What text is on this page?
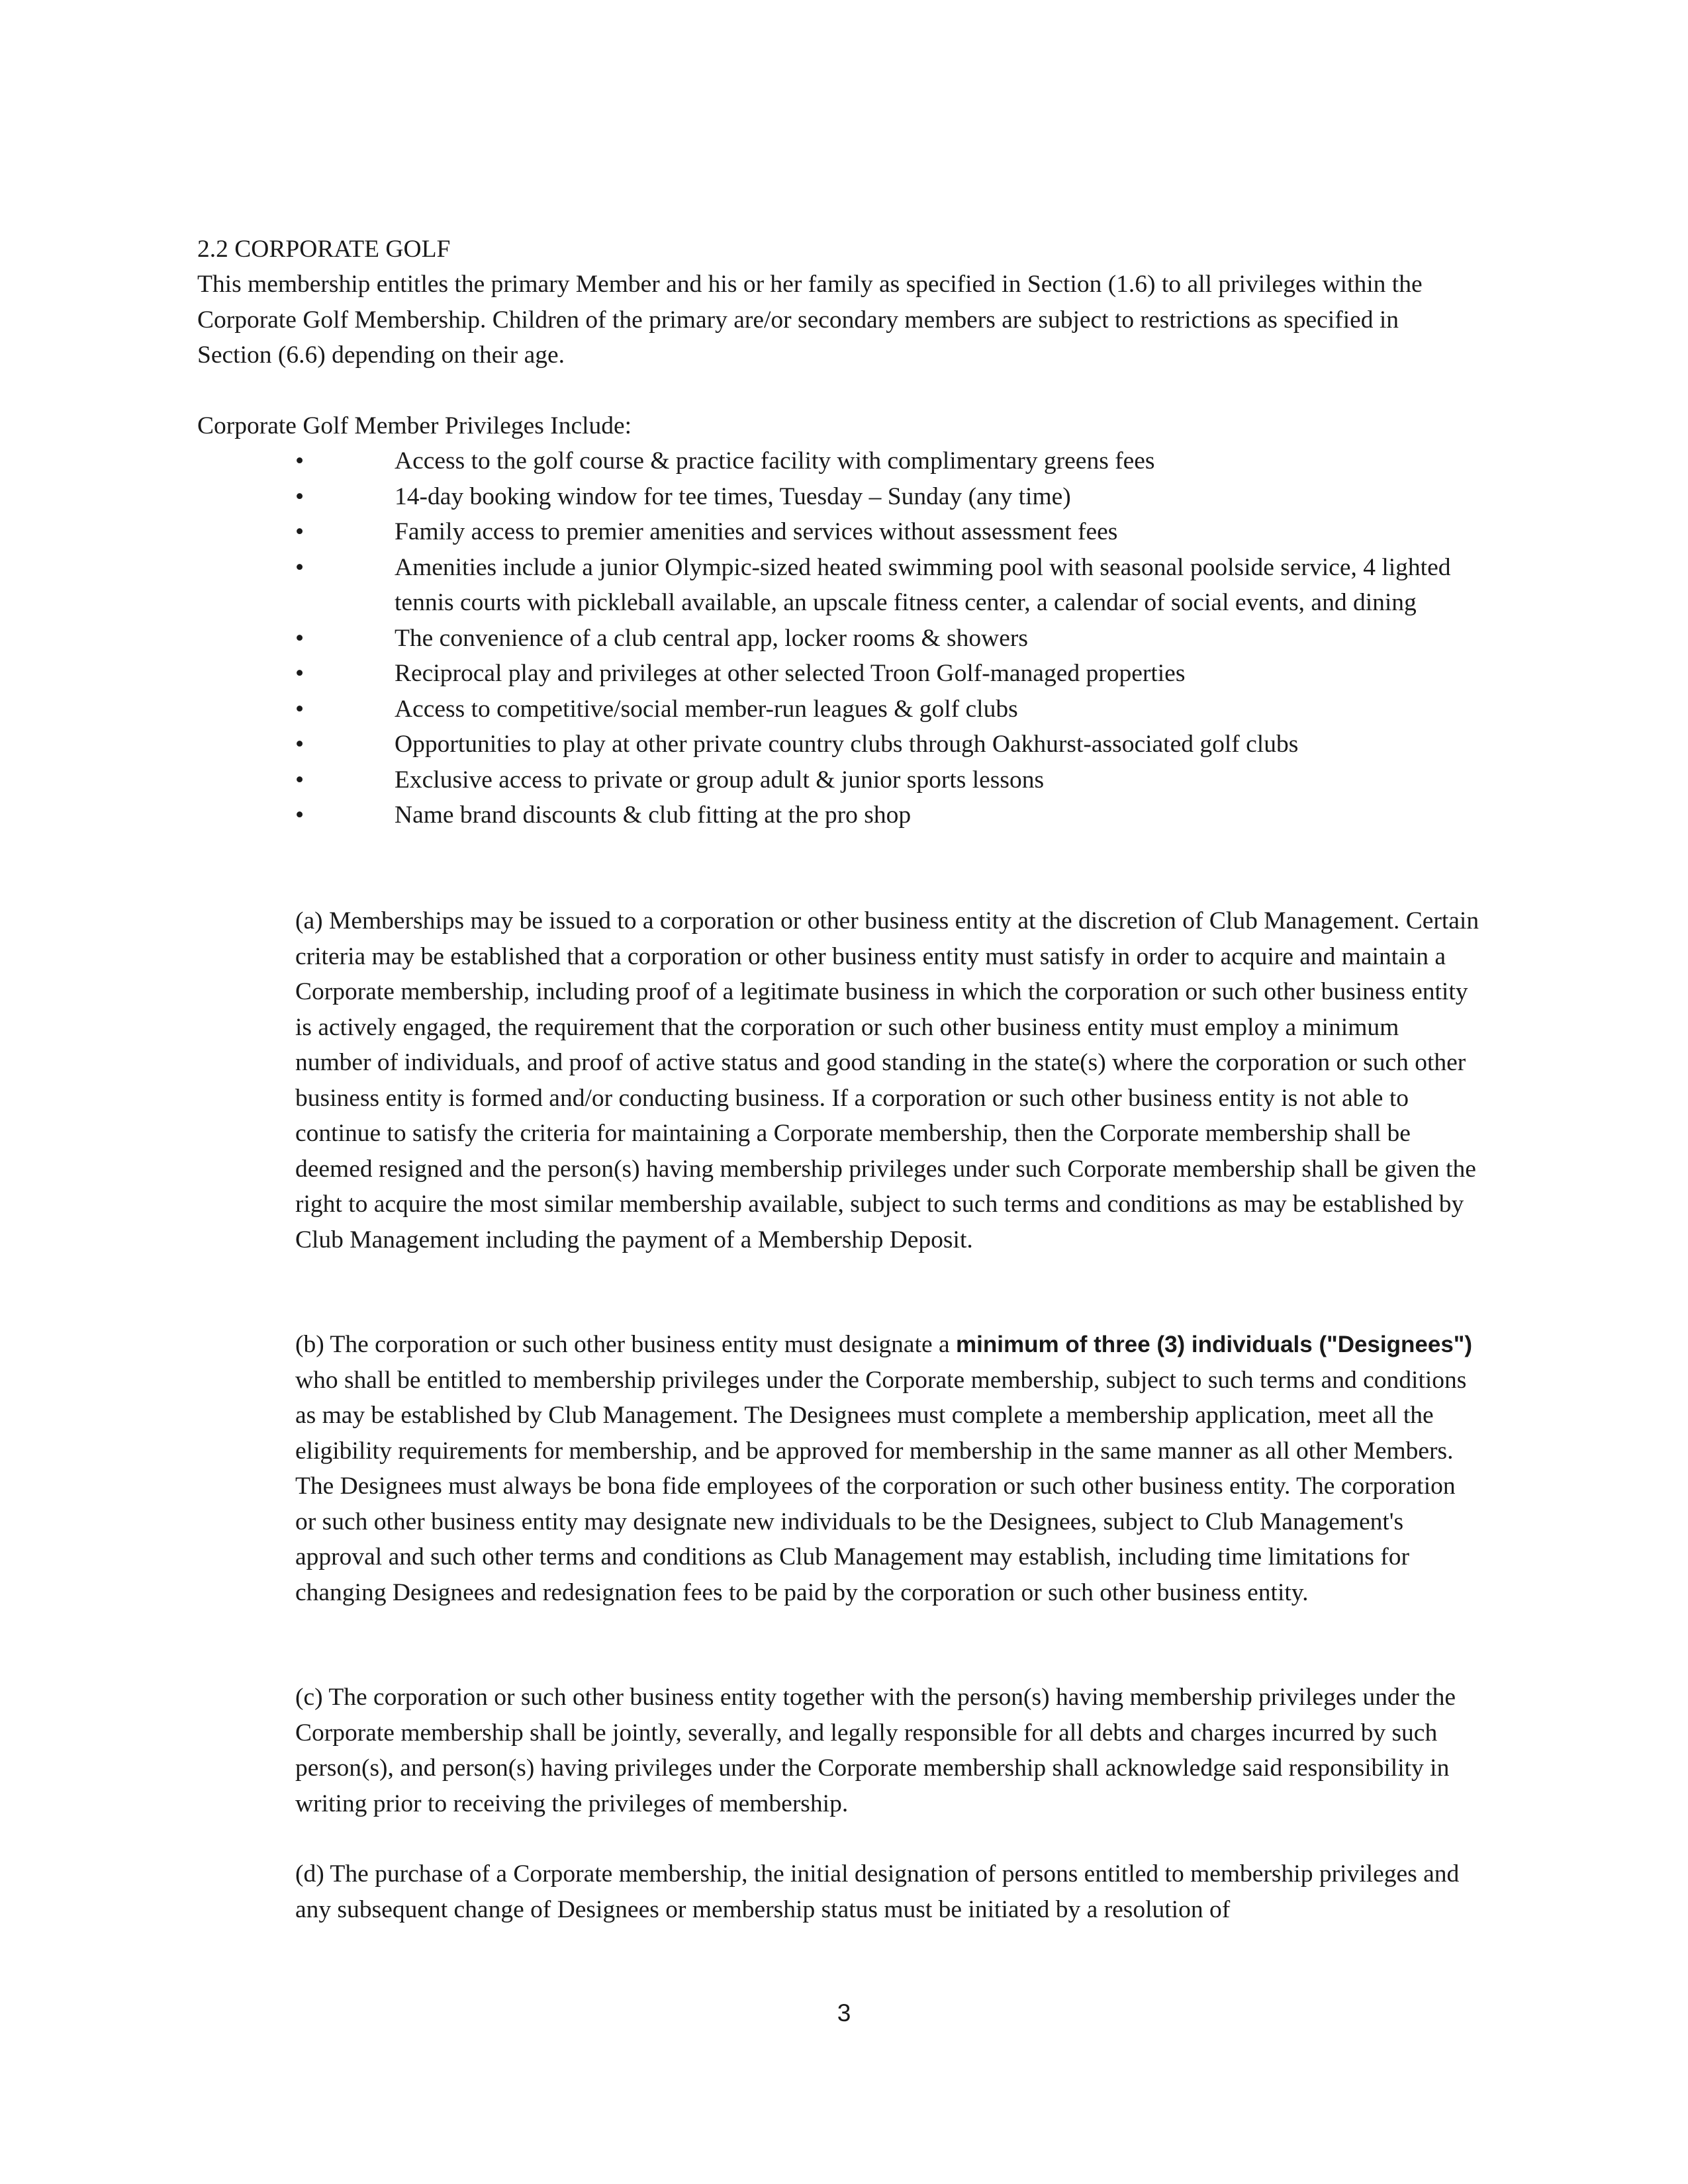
2.2 CORPORATE GOLF

This membership entitles the primary Member and his or her family as specified in Section (1.6) to all privileges within the Corporate Golf Membership. Children of the primary are/or secondary members are subject to restrictions as specified in Section (6.6) depending on their age.

Corporate Golf Member Privileges Include:

•	Access to the golf course & practice facility with complimentary greens fees
•	14-day booking window for tee times, Tuesday – Sunday (any time)
•	Family access to premier amenities and services without assessment fees
•	Amenities include a junior Olympic-sized heated swimming pool with seasonal poolside service, 4 lighted tennis courts with pickleball available, an upscale fitness center, a calendar of social events, and dining
•	The convenience of a club central app, locker rooms & showers
•	Reciprocal play and privileges at other selected Troon Golf-managed properties
•	Access to competitive/social member-run leagues & golf clubs
•	Opportunities to play at other private country clubs through Oakhurst-associated golf clubs
•	Exclusive access to private or group adult & junior sports lessons
•	Name brand discounts & club fitting at the pro shop

(a) Memberships may be issued to a corporation or other business entity at the discretion of Club Management. Certain criteria may be established that a corporation or other business entity must satisfy in order to acquire and maintain a Corporate membership, including proof of a legitimate business in which the corporation or such other business entity is actively engaged, the requirement that the corporation or such other business entity must employ a minimum number of individuals, and proof of active status and good standing in the state(s) where the corporation or such other business entity is formed and/or conducting business. If a corporation or such other business entity is not able to continue to satisfy the criteria for maintaining a Corporate membership, then the Corporate membership shall be deemed resigned and the person(s) having membership privileges under such Corporate membership shall be given the right to acquire the most similar membership available, subject to such terms and conditions as may be established by Club Management including the payment of a Membership Deposit.

(b) The corporation or such other business entity must designate a minimum of three (3) individuals ("Designees") who shall be entitled to membership privileges under the Corporate membership, subject to such terms and conditions as may be established by Club Management. The Designees must complete a membership application, meet all the eligibility requirements for membership, and be approved for membership in the same manner as all other Members. The Designees must always be bona fide employees of the corporation or such other business entity. The corporation or such other business entity may designate new individuals to be the Designees, subject to Club Management's approval and such other terms and conditions as Club Management may establish, including time limitations for changing Designees and redesignation fees to be paid by the corporation or such other business entity.

(c) The corporation or such other business entity together with the person(s) having membership privileges under the Corporate membership shall be jointly, severally, and legally responsible for all debts and charges incurred by such person(s), and person(s) having privileges under the Corporate membership shall acknowledge said responsibility in writing prior to receiving the privileges of membership.

(d) The purchase of a Corporate membership, the initial designation of persons entitled to membership privileges and any subsequent change of Designees or membership status must be initiated by a resolution of

3
